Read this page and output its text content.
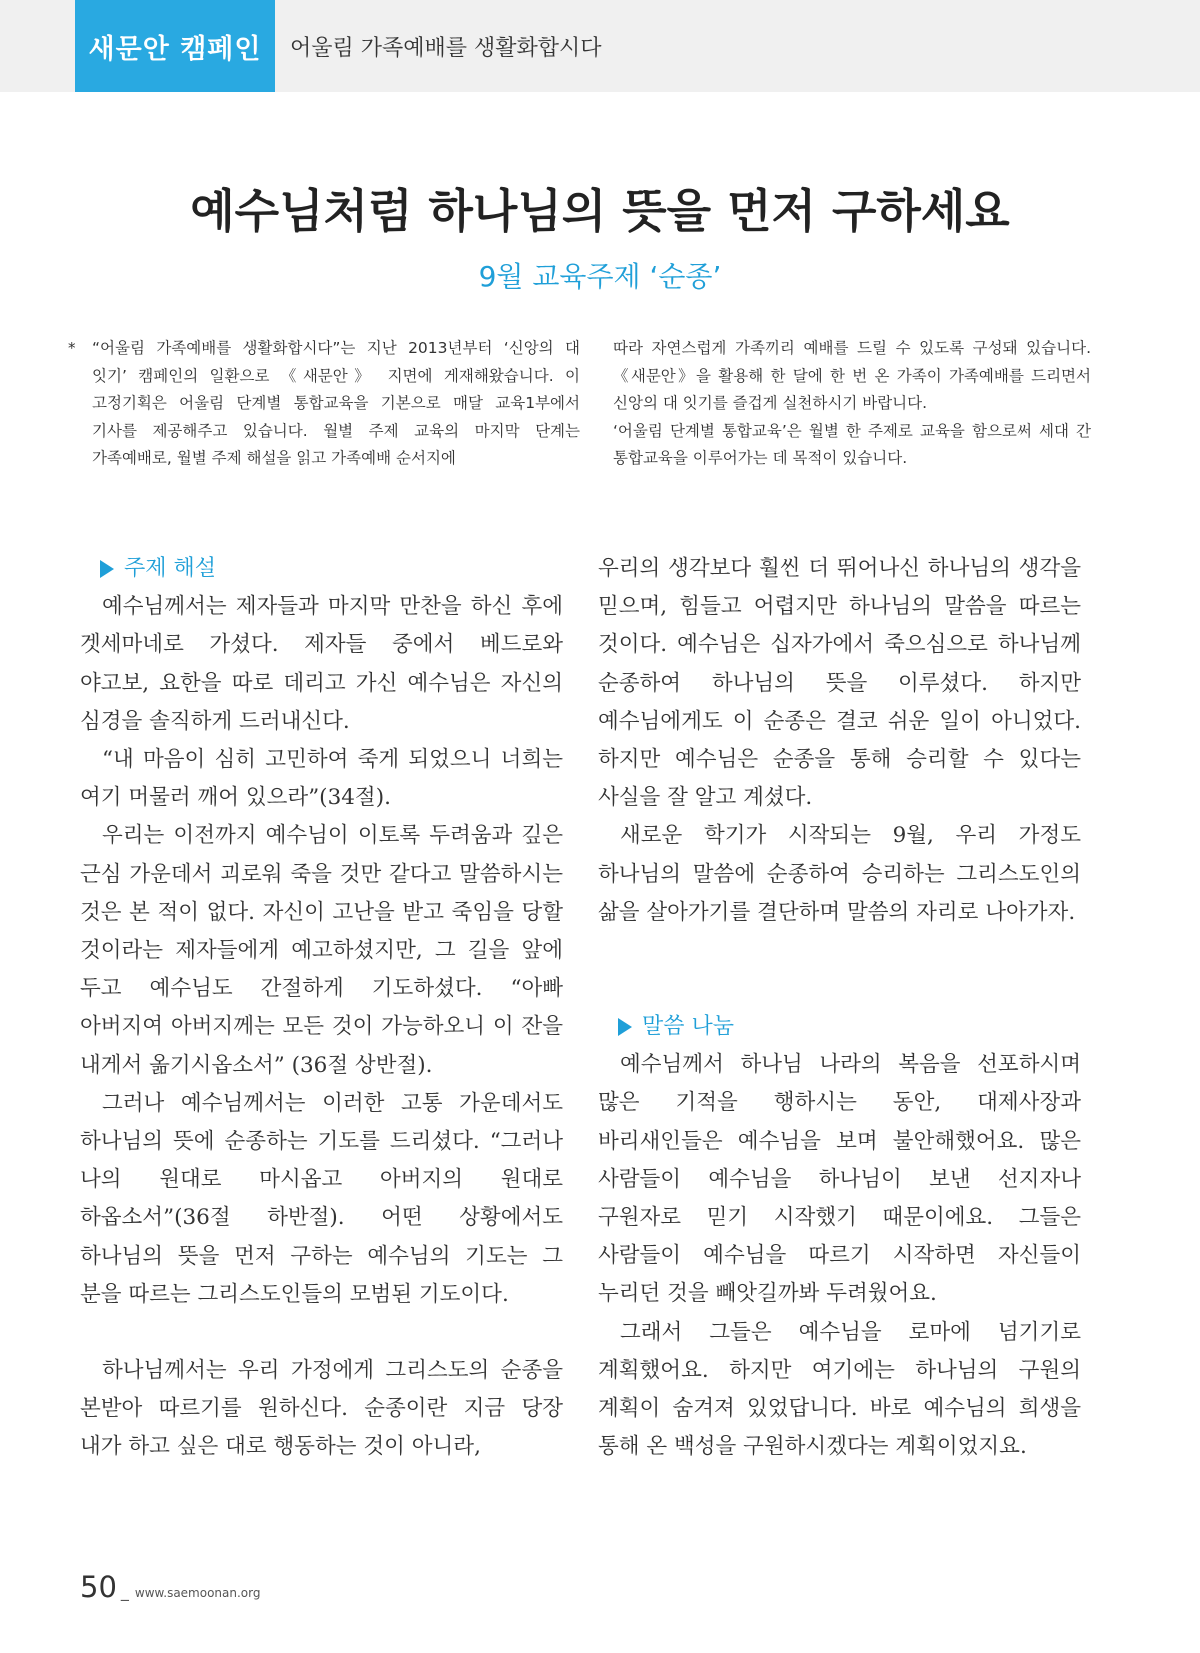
새문안 캠페인	어울림 가족예배를 생활화합시다
예수님처럼 하나님의 뜻을 먼저 구하세요
9월 교육주제 ‘순종’
*	“어울림 가족예배를 생활화합시다”는 지난 2013년부터 ‘신앙의 대 잇기’ 캠페인의 일환으로 《새문안》 지면에 게재해왔습니다. 이 고정기획은 어울림 단계별 통합교육을 기본으로 매달 교육1부에서 기사를 제공해주고 있습니다. 월별 주제 교육의 마지막 단계는 가족예배로, 월별 주제 해설을 읽고 가족예배 순서지에
따라 자연스럽게 가족끼리 예배를 드릴 수 있도록 구성돼 있습니다. 《새문안》을 활용해 한 달에 한 번 온 가족이 가족예배를 드리면서 신앙의 대 잇기를 즐겁게 실천하시기 바랍니다.
‘어울림 단계별 통합교육’은 월별 한 주제로 교육을 함으로써 세대 간 통합교육을 이루어가는 데 목적이 있습니다.
주제 해설

예수님께서는 제자들과 마지막 만찬을 하신 후에 겟세마네로 가셨다. 제자들 중에서 베드로와 야고보, 요한을 따로 데리고 가신 예수님은 자신의 심경을 솔직하게 드러내신다.

“내 마음이 심히 고민하여 죽게 되었으니 너희는 여기 머물러 깨어 있으라”(34절).

우리는 이전까지 예수님이 이토록 두려움과 깊은 근심 가운데서 괴로워 죽을 것만 같다고 말씀하시는 것은 본 적이 없다. 자신이 고난을 받고 죽임을 당할 것이라는 제자들에게 예고하셨지만, 그 길을 앞에 두고 예수님도 간절하게 기도하셨다. “아빠 아버지여 아버지께는 모든 것이 가능하오니 이 잔을 내게서 옮기시옵소서” (36절 상반절).

그러나 예수님께서는 이러한 고통 가운데서도 하나님의 뜻에 순종하는 기도를 드리셨다. “그러나 나의 원대로 마시옵고 아버지의 원대로 하옵소서”(36절 하반절). 어떤 상황에서도 하나님의 뜻을 먼저 구하는 예수님의 기도는 그 분을 따르는 그리스도인들의 모범된 기도이다.

하나님께서는 우리 가정에게 그리스도의 순종을 본받아 따르기를 원하신다. 순종이란 지금 당장 내가 하고 싶은 대로 행동하는 것이 아니라,

우리의 생각보다 훨씬 더 뛰어나신 하나님의 생각을 믿으며, 힘들고 어렵지만 하나님의 말씀을 따르는 것이다. 예수님은 십자가에서 죽으심으로 하나님께 순종하여 하나님의 뜻을 이루셨다. 하지만 예수님에게도 이 순종은 결코 쉬운 일이 아니었다. 하지만 예수님은 순종을 통해 승리할 수 있다는 사실을 잘 알고 계셨다.

새로운 학기가 시작되는 9월, 우리 가정도 하나님의 말씀에 순종하여 승리하는 그리스도인의 삶을 살아가기를 결단하며 말씀의 자리로 나아가자.

말씀 나눔

예수님께서 하나님 나라의 복음을 선포하시며 많은 기적을 행하시는 동안, 대제사장과 바리새인들은 예수님을 보며 불안해했어요. 많은 사람들이 예수님을 하나님이 보낸 선지자나 구원자로 믿기 시작했기 때문이에요. 그들은 사람들이 예수님을 따르기 시작하면 자신들이 누리던 것을 빼앗길까봐 두려웠어요.

그래서 그들은 예수님을 로마에 넘기기로 계획했어요. 하지만 여기에는 하나님의 구원의 계획이 숨겨져 있었답니다. 바로 예수님의 희생을 통해 온 백성을 구원하시겠다는 계획이었지요.

50 _ www.saemoonan.org
